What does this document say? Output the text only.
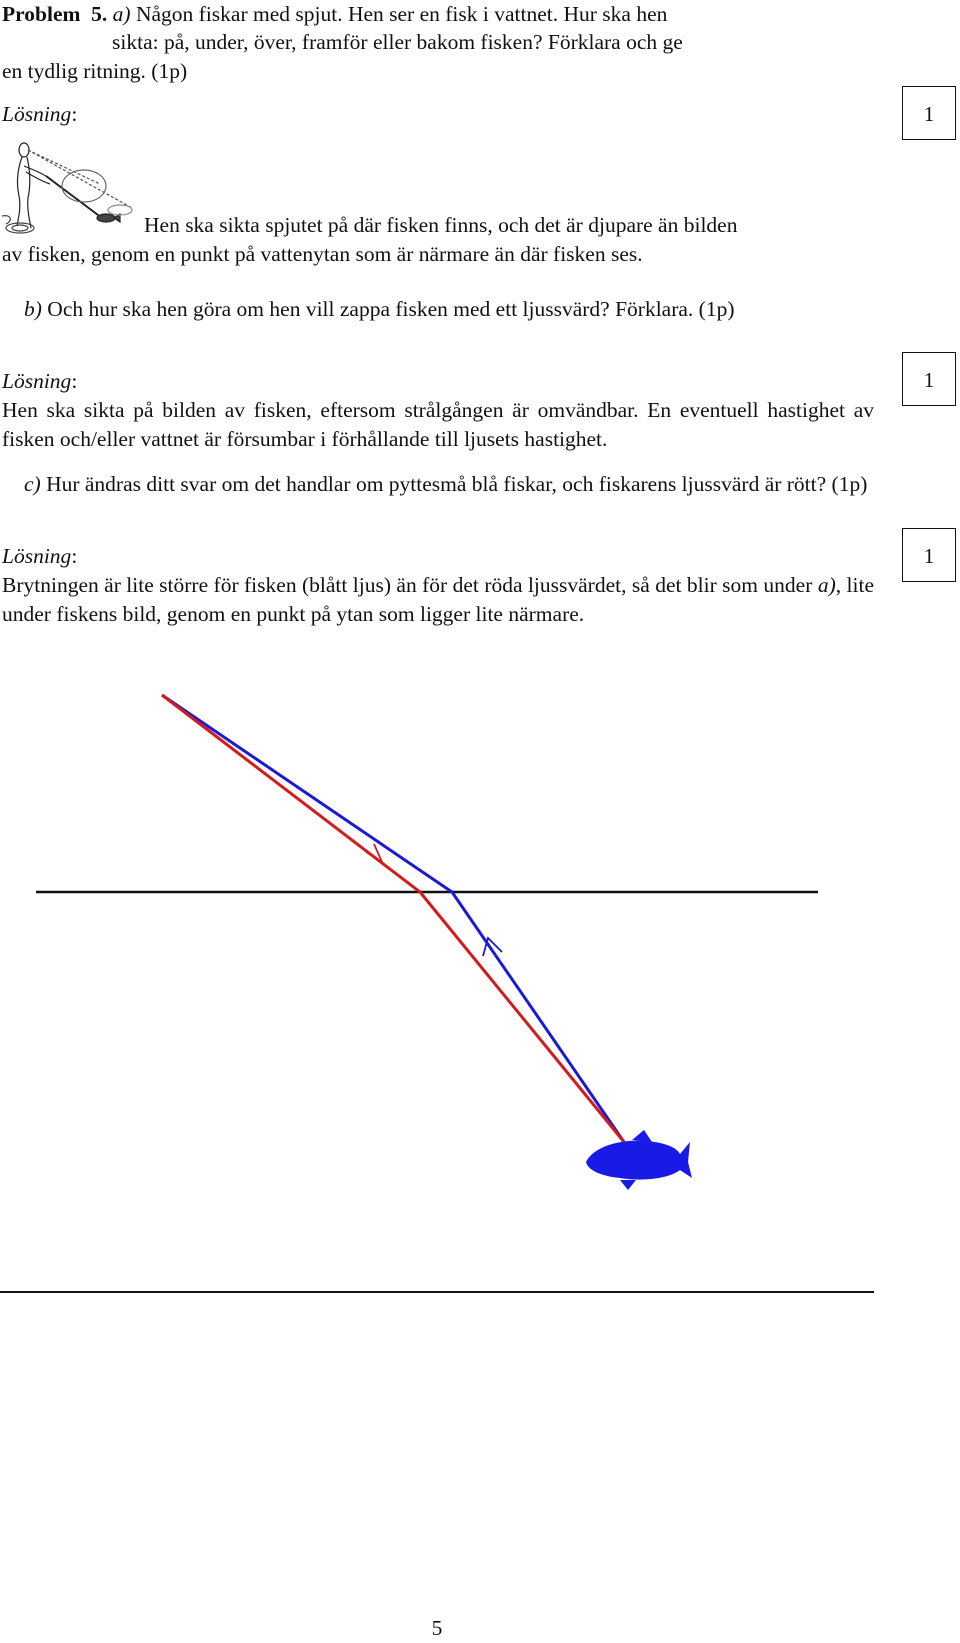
Problem 5. a) Någon fiskar med spjut. Hen ser en fisk i vattnet. Hur ska hen

sikta: på, under, över, framför eller bakom fisken? Förklara och ge

en tydlig ritning. (1p)

Lösning:	1

Hen ska sikta spjutet på där fisken finns, och det är djupare än bilden

av fisken, genom en punkt på vattenytan som är närmare än där fisken ses.

b) Och hur ska hen göra om hen vill zappa fisken med ett ljussvärd? Förklara. (1p)

Lösning:	1

Hen ska sikta på bilden av fisken, eftersom strålgången är omvändbar. En eventuell hastighet av fisken och/eller vattnet är försumbar i förhållande till ljusets hastighet.

c) Hur ändras ditt svar om det handlar om pyttesmå blå fiskar, och fiskarens ljussvärd är rött? (1p)

Lösning:	1

Brytningen är lite större för fisken (blått ljus) än för det röda ljussvärdet, så det blir som under a), lite under fiskens bild, genom en punkt på ytan som ligger lite närmare.

5
